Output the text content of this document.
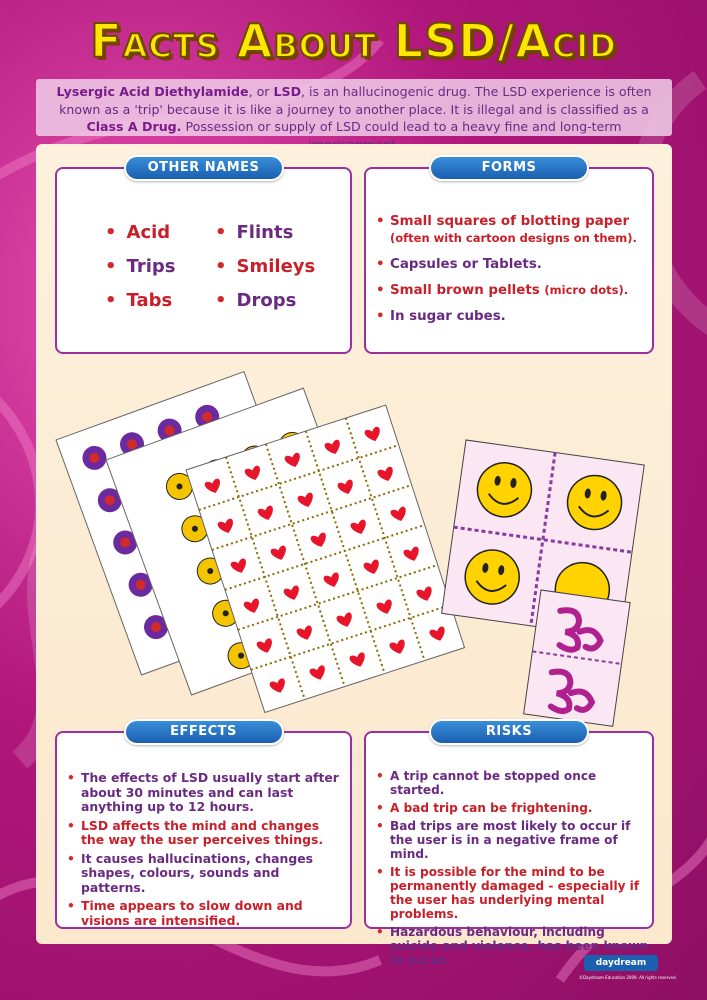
Facts About LSD/Acid
Lysergic Acid Diethylamide, or LSD, is an hallucinogenic drug. The LSD experience is often known as a 'trip' because it is like a journey to another place. It is illegal and is classified as a Class A Drug. Possession or supply of LSD could lead to a heavy fine and long-term
OTHER NAMES
• Acid	• Flints
• Trips	• Smileys
• Tabs	• Drops
FORMS
• Small squares of blotting paper
(often with cartoon designs on them).
• Capsules or Tablets.
• Small brown pellets (micro dots).
• In sugar cubes.
EFFECTS
• The effects of LSD usually start after about 30 minutes and can last anything up to 12 hours.
• LSD affects the mind and changes the way the user perceives things.
• It causes hallucinations, changes shapes, colours, sounds and patterns.
• Time appears to slow down and visions are intensified.
RISKS
• A trip cannot be stopped once started.
• A bad trip can be frightening.
• Bad trips are most likely to occur if the user is in a negative frame of mind.
• It is possible for the mind to be permanently damaged - especially if the user has underlying mental problems.
• Hazardous behaviour, including suicide and violence, has been known to occur.	daydream
©Daydream Education 2009. All rights reserved.
